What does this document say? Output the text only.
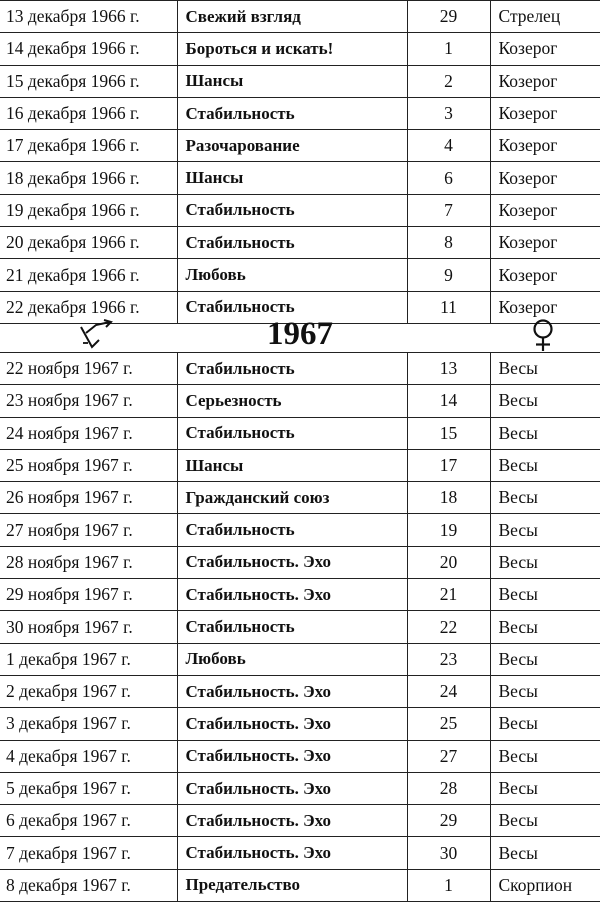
13 декабря 1966 г.	Свежий взгляд	29	Стрелец
14 декабря 1966 г.	Бороться и искать!	1	Козерог
15 декабря 1966 г.	Шансы	2	Козерог
16 декабря 1966 г.	Стабильность	3	Козерог
17 декабря 1966 г.	Разочарование	4	Козерог
18 декабря 1966 г.	Шансы	6	Козерог
19 декабря 1966 г.	Стабильность	7	Козерог
20 декабря 1966 г.	Стабильность	8	Козерог
21 декабря 1966 г.	Любовь	9	Козерог
22 декабря 1966 г.	Стабильность	11	Козерог
1967
22 ноября 1967 г.	Стабильность	13	Весы
23 ноября 1967 г.	Серьезность	14	Весы
24 ноября 1967 г.	Стабильность	15	Весы
25 ноября 1967 г.	Шансы	17	Весы
26 ноября 1967 г.	Гражданский союз	18	Весы
27 ноября 1967 г.	Стабильность	19	Весы
28 ноября 1967 г.	Стабильность. Эхо	20	Весы
29 ноября 1967 г.	Стабильность. Эхо	21	Весы
30 ноября 1967 г.	Стабильность	22	Весы
1 декабря 1967 г.	Любовь	23	Весы
2 декабря 1967 г.	Стабильность. Эхо	24	Весы
3 декабря 1967 г.	Стабильность. Эхо	25	Весы
4 декабря 1967 г.	Стабильность. Эхо	27	Весы
5 декабря 1967 г.	Стабильность. Эхо	28	Весы
6 декабря 1967 г.	Стабильность. Эхо	29	Весы
7 декабря 1967 г.	Стабильность. Эхо	30	Весы
8 декабря 1967 г.	Предательство	1	Скорпион
